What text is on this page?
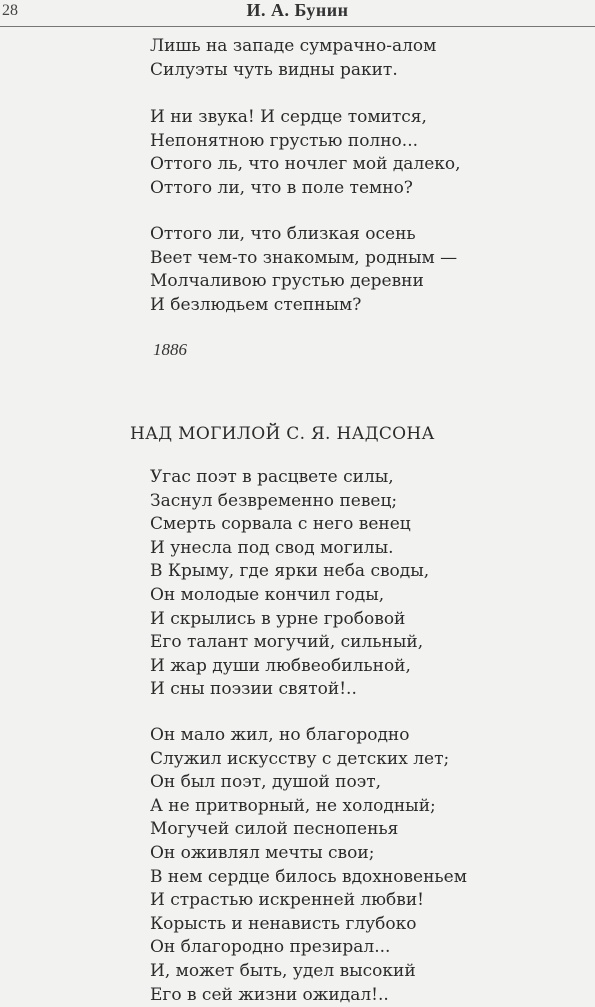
28	И. А. Бунин
Лишь на западе сумрачно-алом
Силуэты чуть видны ракит.
И ни звука! И сердце томится,
Непонятною грустью полно...
Оттого ль, что ночлег мой далеко,
Оттого ли, что в поле темно?
Оттого ли, что близкая осень
Веет чем-то знакомым, родным —
Молчаливою грустью деревни
И безлюдьем степным?
1886
НАД МОГИЛОЙ С. Я. НАДСОНА
Угас поэт в расцвете силы,
Заснул безвременно певец;
Смерть сорвала с него венец
И унесла под свод могилы.
В Крыму, где ярки неба своды,
Он молодые кончил годы,
И скрылись в урне гробовой
Его талант могучий, сильный,
И жар души любвеобильной,
И сны поэзии святой!..
Он мало жил, но благородно
Служил искусству с детских лет;
Он был поэт, душой поэт,
А не притворный, не холодный;
Могучей силой песнопенья
Он оживлял мечты свои;
В нем сердце билось вдохновеньем
И страстью искренней любви!
Корысть и ненависть глубоко
Он благородно презирал...
И, может быть, удел высокий
Его в сей жизни ожидал!..
